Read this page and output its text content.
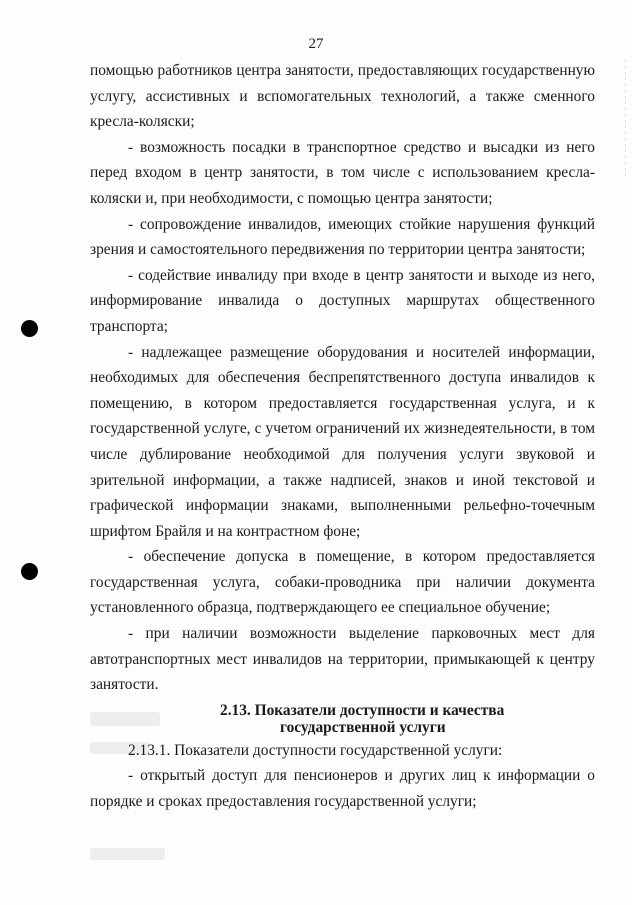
27

помощью работников центра занятости, предоставляющих государственную услугу, ассистивных и вспомогательных технологий, а также сменного кресла-коляски;

- возможность посадки в транспортное средство и высадки из него перед входом в центр занятости, в том числе с использованием кресла-коляски и, при необходимости, с помощью центра занятости;

- сопровождение инвалидов, имеющих стойкие нарушения функций зрения и самостоятельного передвижения по территории центра занятости;

- содействие инвалиду при входе в центр занятости и выходе из него, информирование инвалида о доступных маршрутах общественного транспорта;

- надлежащее размещение оборудования и носителей информации, необходимых для обеспечения беспрепятственного доступа инвалидов к помещению, в котором предоставляется государственная услуга, и к государственной услуге, с учетом ограничений их жизнедеятельности, в том числе дублирование необходимой для получения услуги звуковой и зрительной информации, а также надписей, знаков и иной текстовой и графической информации знаками, выполненными рельефно-точечным шрифтом Брайля и на контрастном фоне;

- обеспечение допуска в помещение, в котором предоставляется государственная услуга, собаки-проводника при наличии документа установленного образца, подтверждающего ее специальное обучение;

- при наличии возможности выделение парковочных мест для автотранспортных мест инвалидов на территории, примыкающей к центру занятости.

2.13. Показатели доступности и качества
государственной услуги

2.13.1. Показатели доступности государственной услуги:

- открытый доступ для пенсионеров и других лиц к информации о порядке и сроках предоставления государственной услуги;
